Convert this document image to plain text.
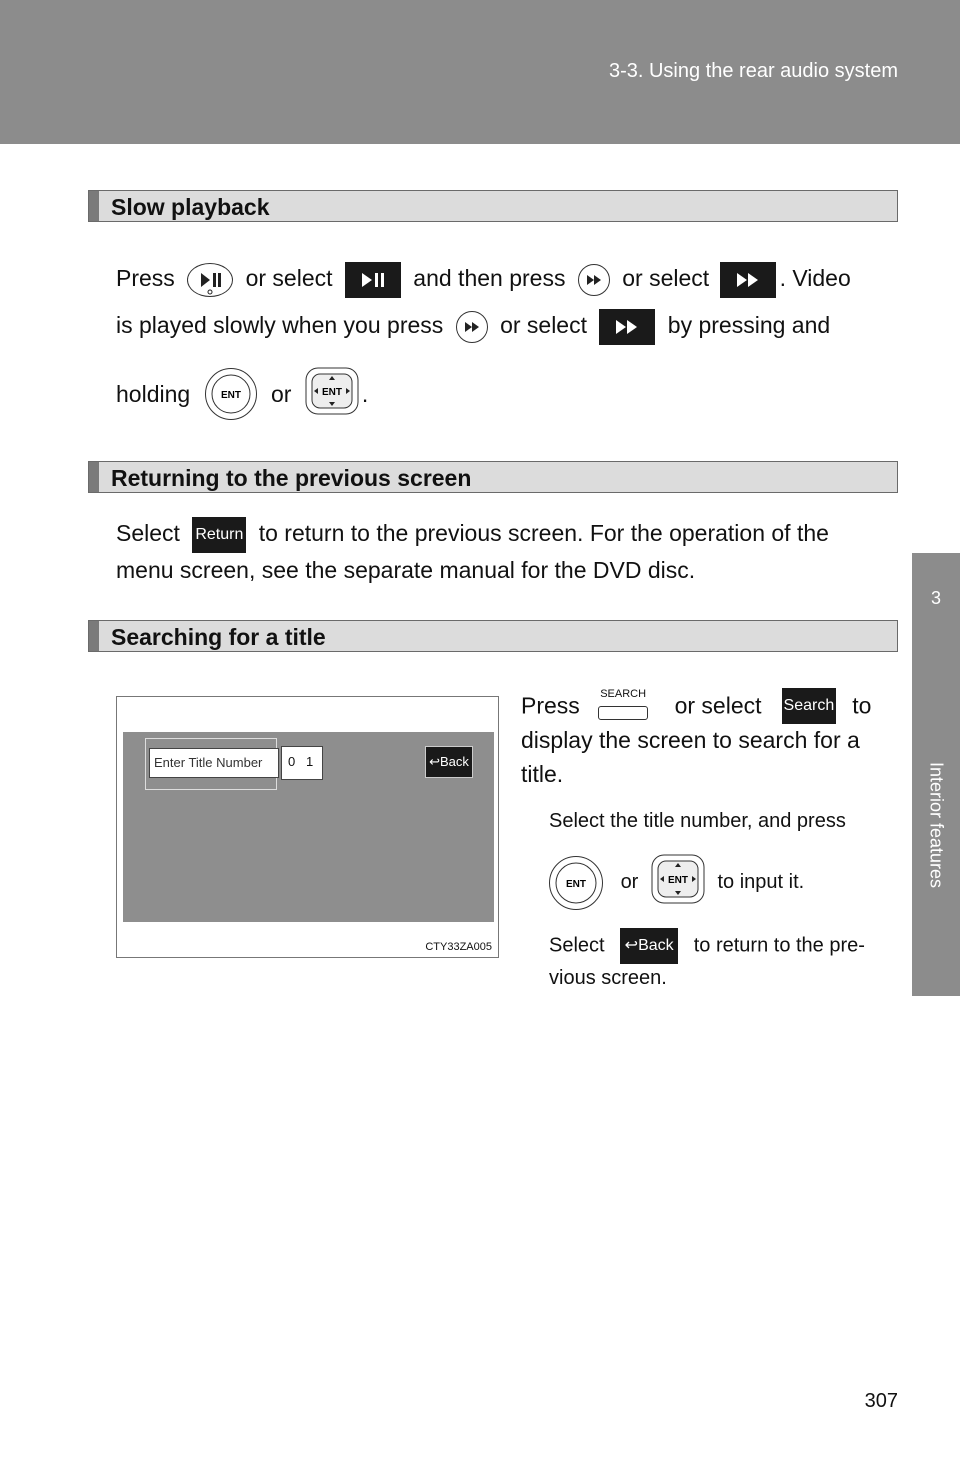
3-3. Using the rear audio system
3
Interior features
Slow playback
Press	or select	and then press or select	. Video
is played slowly when you press or select	by pressing and
holding	ENT or	ENT .
Returning to the previous screen
Select Return to return to the previous screen. For the operation of the
menu screen, see the separate manual for the DVD disc.
Searching for a title
Enter Title Number	0 1	↩Back
CTY33ZA005
Press SEARCH or select Search to
display the screen to search for a
title.
Select the title number, and press
ENT or	ENT to input it.
Select ↩Back to return to the pre-
vious screen.
307
